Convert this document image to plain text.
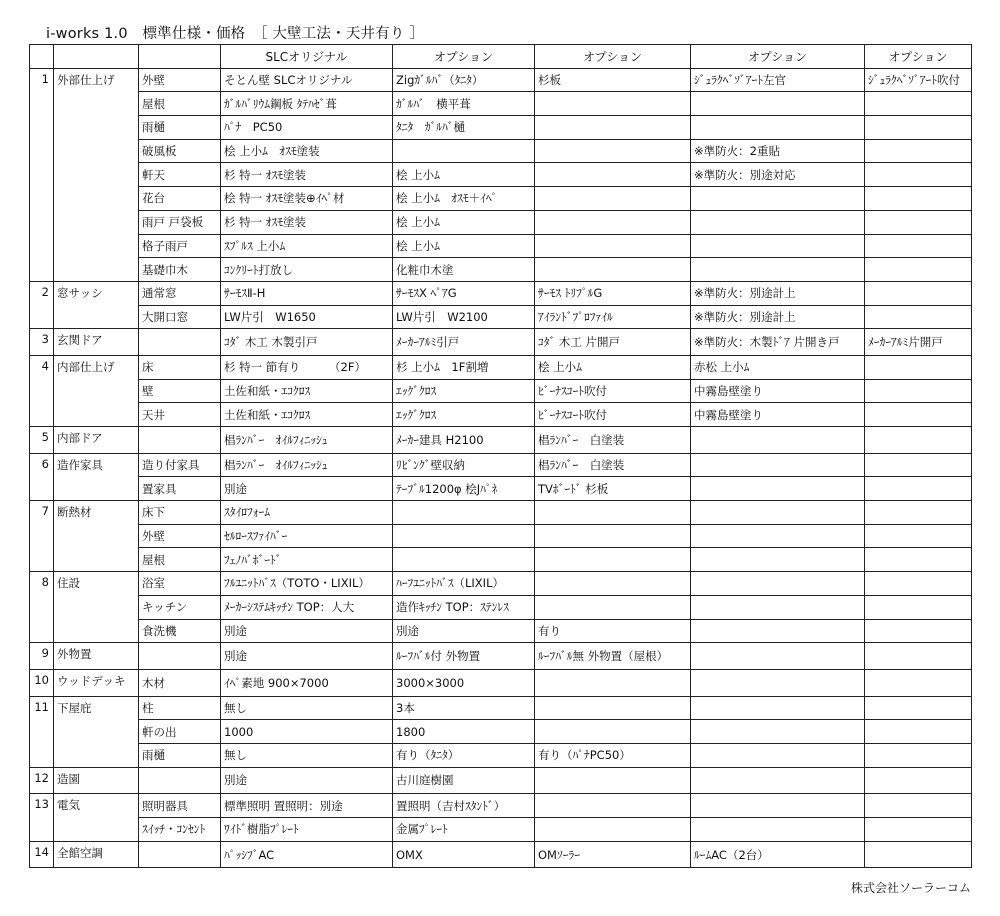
i-works 1.0　標準仕様・価格　［ 大壁工法・天井有り ］
			SLCオリジナル	オプション	オプション	オプション	オプション
1	外部仕上げ	外壁	そとん壁 SLCオリジナル	Zigｶﾞﾙﾊﾞ（ﾀﾆﾀ）	杉板	ｼﾞｭﾗｸﾍﾞｿﾞｱｰﾄ左官	ｼﾞｭﾗｸﾍﾞｿﾞｱｰﾄ吹付
		屋根	ｶﾞﾙﾊﾞﾘｳﾑ鋼板 ﾀﾃﾊｾﾞ葺	ｶﾞﾙﾊﾞ　横平葺			
		雨樋	ﾊﾟﾅ　PC50	ﾀﾆﾀ　ｶﾞﾙﾊﾞ樋			
		破風板	桧 上小ﾑ　ｵｽﾓ塗装			※準防火：2重貼	
		軒天	杉 特一 ｵｽﾓ塗装	桧 上小ﾑ		※準防火：別途対応	
		花台	桧 特一 ｵｽﾓ塗装⊕ｲﾍﾟ材	桧 上小ﾑ　ｵｽﾓ＋ｲﾍﾟ			
		雨戸 戸袋板	杉 特一 ｵｽﾓ塗装	桧 上小ﾑ			
		格子雨戸	ｽﾌﾟﾙｽ 上小ﾑ	桧 上小ﾑ			
		基礎巾木	ｺﾝｸﾘｰﾄ打放し	化粧巾木塗			
2	窓サッシ	通常窓	ｻｰﾓｽⅡ-H	ｻｰﾓｽX ﾍﾟｱG	ｻｰﾓｽ ﾄﾘﾌﾟﾙG	※準防火：別途計上	
		大開口窓	LW片引　W1650	LW片引　W2100	ｱｲﾗﾝﾄﾞﾌﾟﾛﾌｧｲﾙ	※準防火：別途計上	
3	玄関ドア		ｺﾀﾞ 木工 木製引戸	ﾒｰｶｰｱﾙﾐ引戸	ｺﾀﾞ 木工 片開戸	※準防火：木製ﾄﾞｱ 片開き戸	ﾒｰｶｰｱﾙﾐ片開戸
4	内部仕上げ	床	杉 特一 節有り　　　（2F）	杉 上小ﾑ　1F割増	桧 上小ﾑ	赤松 上小ﾑ	
		壁	土佐和紙・ｴｺｸﾛｽ	ｴｯｸﾞｸﾛｽ	ﾋﾞｰﾅｽｺｰﾄ吹付	中霧島壁塗り	
		天井	土佐和紙・ｴｺｸﾛｽ	ｴｯｸﾞｸﾛｽ	ﾋﾞｰﾅｽｺｰﾄ吹付	中霧島壁塗り	
5	内部ドア		椙ﾗﾝﾊﾞｰ　ｵｲﾙﾌｨﾆｯｼｭ	ﾒｰｶｰ建具 H2100	椙ﾗﾝﾊﾞｰ　白塗装		
6	造作家具	造り付家具	椙ﾗﾝﾊﾞｰ　ｵｲﾙﾌｨﾆｯｼｭ	ﾘﾋﾞﾝｸﾞ壁収納	椙ﾗﾝﾊﾞｰ　白塗装		
		置家具	別途	ﾃｰﾌﾞﾙ1200φ 桧Jﾊﾟﾈ	TVﾎﾞｰﾄﾞ 杉板		
7	断熱材	床下	ｽﾀｲﾛﾌｫｰﾑ				
		外壁	ｾﾙﾛｰｽﾌｧｲﾊﾞｰ				
		屋根	ﾌｪﾉﾊﾞﾎﾞｰﾄﾞ				
8	住設	浴室	ﾌﾙﾕﾆｯﾄﾊﾞｽ（TOTO・LIXIL）	ﾊｰﾌﾕﾆｯﾄﾊﾞｽ（LIXIL）			
		キッチン	ﾒｰｶｰｼｽﾃﾑｷｯﾁﾝ TOP：人大	造作ｷｯﾁﾝ TOP：ｽﾃﾝﾚｽ			
		食洗機	別途	別途	有り		
9	外物置		別途	ﾙｰﾌﾊﾞﾙ付 外物置	ﾙｰﾌﾊﾞﾙ無 外物置（屋根）		
10	ウッドデッキ	木材	ｲﾍﾟ素地 900×7000	3000×3000			
11	下屋庇	柱	無し	3本			
		軒の出	1000	1800			
		雨樋	無し	有り（ﾀﾆﾀ）	有り（ﾊﾟﾅPC50）		
12	造園		別途	古川庭樹園			
13	電気	照明器具	標準照明 置照明：別途	置照明（吉村ｽﾀﾝﾄﾞ）			
		ｽｲｯﾁ・ｺﾝｾﾝﾄ	ﾜｲﾄﾞ樹脂ﾌﾟﾚｰﾄ	金属ﾌﾟﾚｰﾄ			
14	全館空調		ﾊﾟｯｼﾌﾞAC	OMX	OMｿｰﾗｰ	ﾙｰﾑAC（2台）	
株式会社ソーラーコム
